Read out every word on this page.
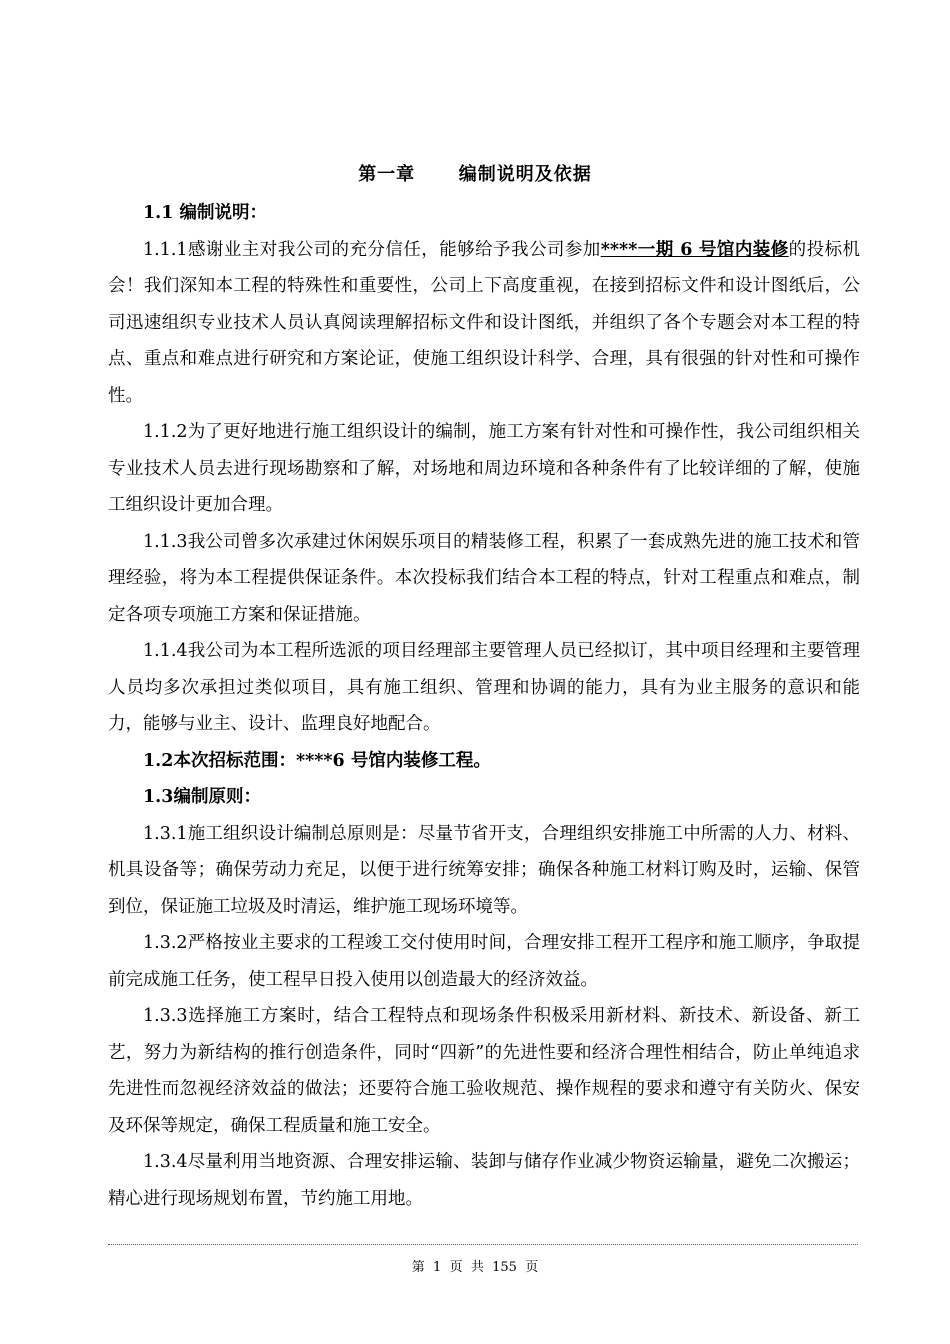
第一章      编制说明及依据

1.1 编制说明：

1.1.1感谢业主对我公司的充分信任，能够给予我公司参加****一期 6 号馆内装修的投标机会！我们深知本工程的特殊性和重要性，公司上下高度重视，在接到招标文件和设计图纸后，公司迅速组织专业技术人员认真阅读理解招标文件和设计图纸，并组织了各个专题会对本工程的特点、重点和难点进行研究和方案论证，使施工组织设计科学、合理，具有很强的针对性和可操作性。

1.1.2为了更好地进行施工组织设计的编制，施工方案有针对性和可操作性，我公司组织相关专业技术人员去进行现场勘察和了解，对场地和周边环境和各种条件有了比较详细的了解，使施工组织设计更加合理。

1.1.3我公司曾多次承建过休闲娱乐项目的精装修工程，积累了一套成熟先进的施工技术和管理经验，将为本工程提供保证条件。本次投标我们结合本工程的特点，针对工程重点和难点，制定各项专项施工方案和保证措施。

1.1.4我公司为本工程所选派的项目经理部主要管理人员已经拟订，其中项目经理和主要管理人员均多次承担过类似项目，具有施工组织、管理和协调的能力，具有为业主服务的意识和能力，能够与业主、设计、监理良好地配合。

1.2本次招标范围：****6 号馆内装修工程。

1.3编制原则：

1.3.1施工组织设计编制总原则是：尽量节省开支，合理组织安排施工中所需的人力、材料、机具设备等；确保劳动力充足，以便于进行统筹安排；确保各种施工材料订购及时，运输、保管到位，保证施工垃圾及时清运，维护施工现场环境等。

1.3.2严格按业主要求的工程竣工交付使用时间，合理安排工程开工程序和施工顺序，争取提前完成施工任务，使工程早日投入使用以创造最大的经济效益。

1.3.3选择施工方案时，结合工程特点和现场条件积极采用新材料、新技术、新设备、新工艺，努力为新结构的推行创造条件，同时“四新”的先进性要和经济合理性相结合，防止单纯追求先进性而忽视经济效益的做法；还要符合施工验收规范、操作规程的要求和遵守有关防火、保安及环保等规定，确保工程质量和施工安全。

1.3.4尽量利用当地资源、合理安排运输、装卸与储存作业减少物资运输量，避免二次搬运；精心进行现场规划布置，节约施工用地。

第  1  页  共  155  页
